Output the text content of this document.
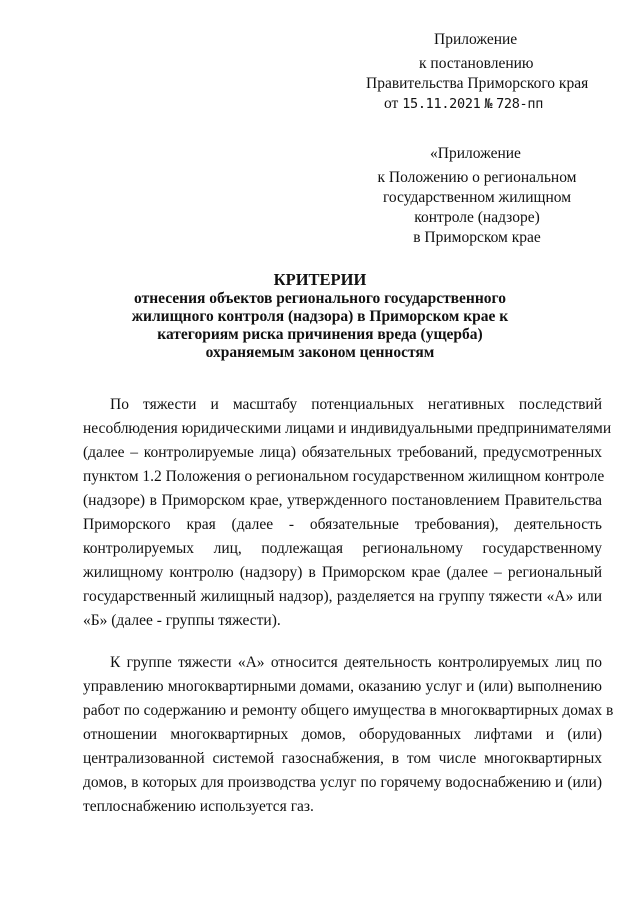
Приложение
к постановлению
Правительства Приморского края
от 15.11.2021 № 728-пп
«Приложение
к Положению о региональном
государственном жилищном
контроле (надзоре)
в Приморском крае
КРИТЕРИИ
отнесения объектов регионального государственного
жилищного контроля (надзора) в Приморском крае к
категориям риска причинения вреда (ущерба)
охраняемым законом ценностям
По тяжести и масштабу потенциальных негативных последствий
несоблюдения юридическими лицами и индивидуальными предпринимателями
(далее – контролируемые лица) обязательных требований, предусмотренных
пунктом 1.2 Положения о региональном государственном жилищном контроле
(надзоре) в Приморском крае, утвержденного постановлением Правительства
Приморского края (далее - обязательные требования), деятельность
контролируемых лиц, подлежащая региональному государственному
жилищному контролю (надзору) в Приморском крае (далее – региональный
государственный жилищный надзор), разделяется на группу тяжести «А» или
«Б» (далее - группы тяжести).
К группе тяжести «А» относится деятельность контролируемых лиц по
управлению многоквартирными домами, оказанию услуг и (или) выполнению
работ по содержанию и ремонту общего имущества в многоквартирных домах в
отношении многоквартирных домов, оборудованных лифтами и (или)
централизованной системой газоснабжения, в том числе многоквартирных
домов, в которых для производства услуг по горячему водоснабжению и (или)
теплоснабжению используется газ.
